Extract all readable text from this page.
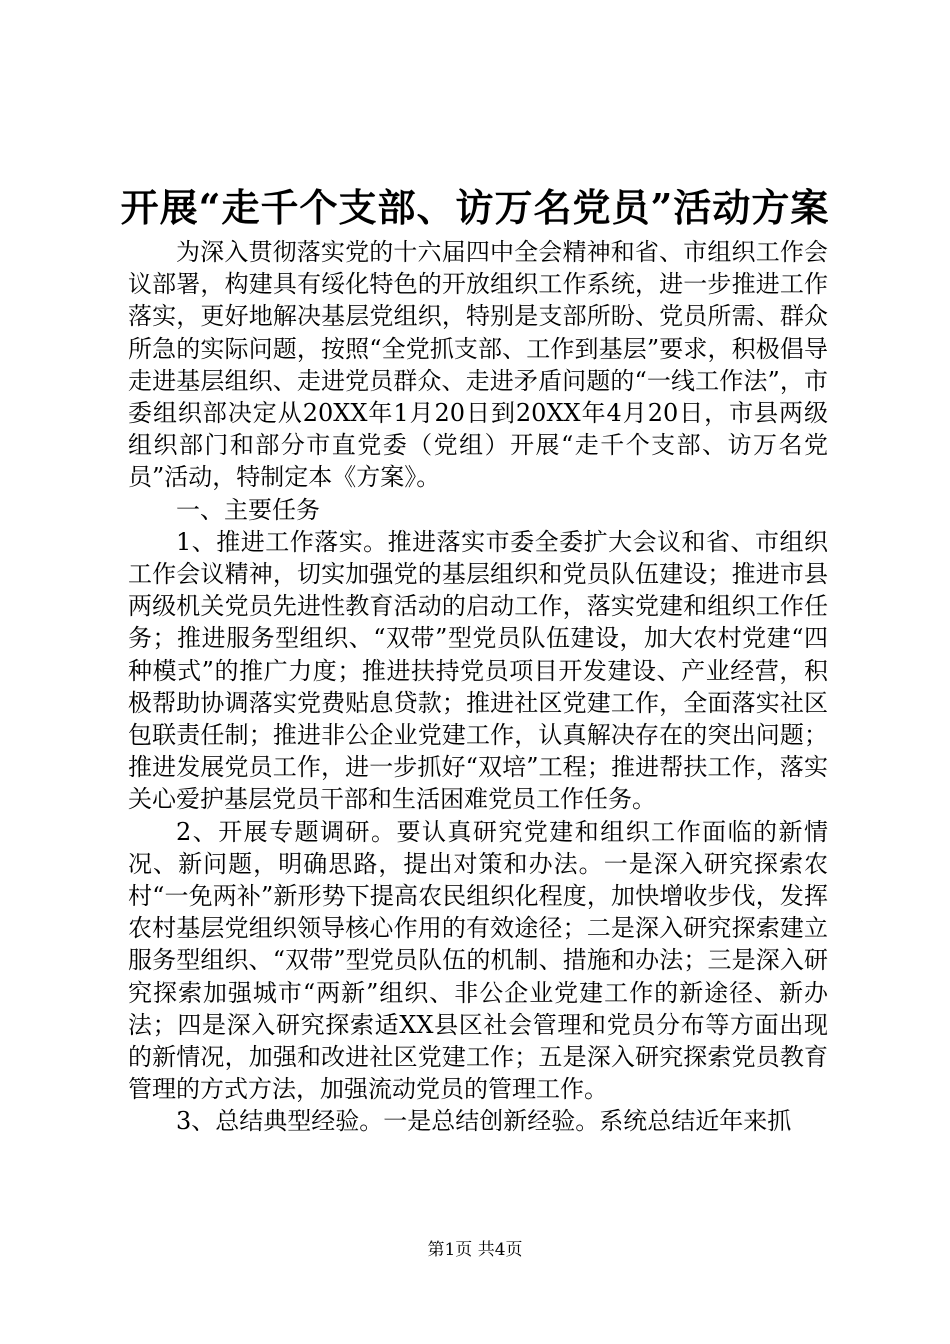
开展“走千个支部、访万名党员”活动方案

为深入贯彻落实党的十六届四中全会精神和省、市组织工作会议部署，构建具有绥化特色的开放组织工作系统，进一步推进工作落实，更好地解决基层党组织，特别是支部所盼、党员所需、群众所急的实际问题，按照“全党抓支部、工作到基层”要求，积极倡导走进基层组织、走进党员群众、走进矛盾问题的“一线工作法”，市委组织部决定从20XX年1月20日到20XX年4月20日，市县两级组织部门和部分市直党委（党组）开展“走千个支部、访万名党员”活动，特制定本《方案》。

一、主要任务

1、推进工作落实。推进落实市委全委扩大会议和省、市组织工作会议精神，切实加强党的基层组织和党员队伍建设；推进市县两级机关党员先进性教育活动的启动工作，落实党建和组织工作任务；推进服务型组织、“双带”型党员队伍建设，加大农村党建“四种模式”的推广力度；推进扶持党员项目开发建设、产业经营，积极帮助协调落实党费贴息贷款；推进社区党建工作，全面落实社区包联责任制；推进非公企业党建工作，认真解决存在的突出问题；推进发展党员工作，进一步抓好“双培”工程；推进帮扶工作，落实关心爱护基层党员干部和生活困难党员工作任务。

2、开展专题调研。要认真研究党建和组织工作面临的新情况、新问题，明确思路，提出对策和办法。一是深入研究探索农村“一免两补”新形势下提高农民组织化程度，加快增收步伐，发挥农村基层党组织领导核心作用的有效途径；二是深入研究探索建立服务型组织、“双带”型党员队伍的机制、措施和办法；三是深入研究探索加强城市“两新”组织、非公企业党建工作的新途径、新办法；四是深入研究探索适XX县区社会管理和党员分布等方面出现的新情况，加强和改进社区党建工作；五是深入研究探索党员教育管理的方式方法，加强流动党员的管理工作。

3、总结典型经验。一是总结创新经验。系统总结近年来抓

第1页 共4页
